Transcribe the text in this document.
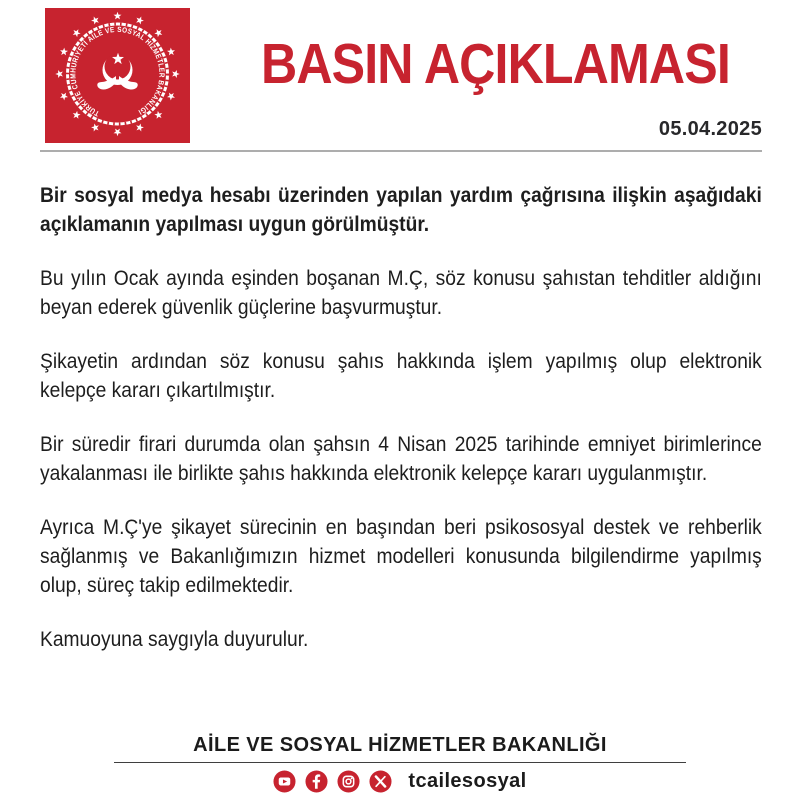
TÜRKİYE CUMHURİYETİ AİLE VE SOSYAL HİZMETLER BAKANLIĞI
BASIN AÇIKLAMASI
05.04.2025

Bir sosyal medya hesabı üzerinden yapılan yardım çağrısına ilişkin aşağıdaki açıklamanın yapılması uygun görülmüştür.

Bu yılın Ocak ayında eşinden boşanan M.Ç, söz konusu şahıstan tehditler aldığını beyan ederek güvenlik güçlerine başvurmuştur.

Şikayetin ardından söz konusu şahıs hakkında işlem yapılmış olup elektronik kelepçe kararı çıkartılmıştır.

Bir süredir firari durumda olan şahsın 4 Nisan 2025 tarihinde emniyet birimlerince yakalanması ile birlikte şahıs hakkında elektronik kelepçe kararı uygulanmıştır.

Ayrıca M.Ç'ye şikayet sürecinin en başından beri psikososyal destek ve rehberlik sağlanmış ve Bakanlığımızın hizmet modelleri konusunda bilgilendirme yapılmış olup, süreç takip edilmektedir.

Kamuoyuna saygıyla duyurulur.

AİLE VE SOSYAL HİZMETLER BAKANLIĞI
tcailesosyal
